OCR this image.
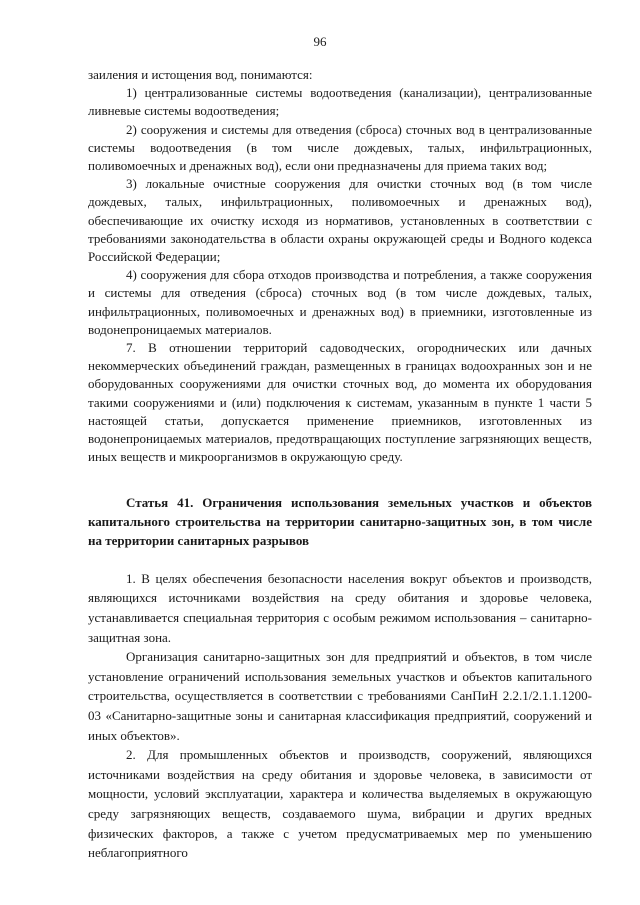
96

заиления и истощения вод, понимаются:

1) централизованные системы водоотведения (канализации), централизованные ливневые системы водоотведения;

2) сооружения и системы для отведения (сброса) сточных вод в централизованные системы водоотведения (в том числе дождевых, талых, инфильтрационных, поливомоечных и дренажных вод), если они предназначены для приема таких вод;

3) локальные очистные сооружения для очистки сточных вод (в том числе дождевых, талых, инфильтрационных, поливомоечных и дренажных вод), обеспечивающие их очистку исходя из нормативов, установленных в соответствии с требованиями законодательства в области охраны окружающей среды и Водного кодекса Российской Федерации;

4) сооружения для сбора отходов производства и потребления, а также сооружения и системы для отведения (сброса) сточных вод (в том числе дождевых, талых, инфильтрационных, поливомоечных и дренажных вод) в приемники, изготовленные из водонепроницаемых материалов.

7. В отношении территорий садоводческих, огороднических или дачных некоммерческих объединений граждан, размещенных в границах водоохранных зон и не оборудованных сооружениями для очистки сточных вод, до момента их оборудования такими сооружениями и (или) подключения к системам, указанным в пункте 1 части 5 настоящей статьи, допускается применение приемников, изготовленных из водонепроницаемых материалов, предотвращающих поступление загрязняющих веществ, иных веществ и микроорганизмов в окружающую среду.

Статья 41. Ограничения использования земельных участков и объектов капитального строительства на территории санитарно-защитных зон, в том числе на территории санитарных разрывов

1. В целях обеспечения безопасности населения вокруг объектов и производств, являющихся источниками воздействия на среду обитания и здоровье человека, устанавливается специальная территория с особым режимом использования – санитарно-защитная зона.

Организация санитарно-защитных зон для предприятий и объектов, в том числе установление ограничений использования земельных участков и объектов капитального строительства, осуществляется в соответствии с требованиями СанПиН 2.2.1/2.1.1.1200-03 «Санитарно-защитные зоны и санитарная классификация предприятий, сооружений и иных объектов».

2. Для промышленных объектов и производств, сооружений, являющихся источниками воздействия на среду обитания и здоровье человека, в зависимости от мощности, условий эксплуатации, характера и количества выделяемых в окружающую среду загрязняющих веществ, создаваемого шума, вибрации и других вредных физических факторов, а также с учетом предусматриваемых мер по уменьшению неблагоприятного
